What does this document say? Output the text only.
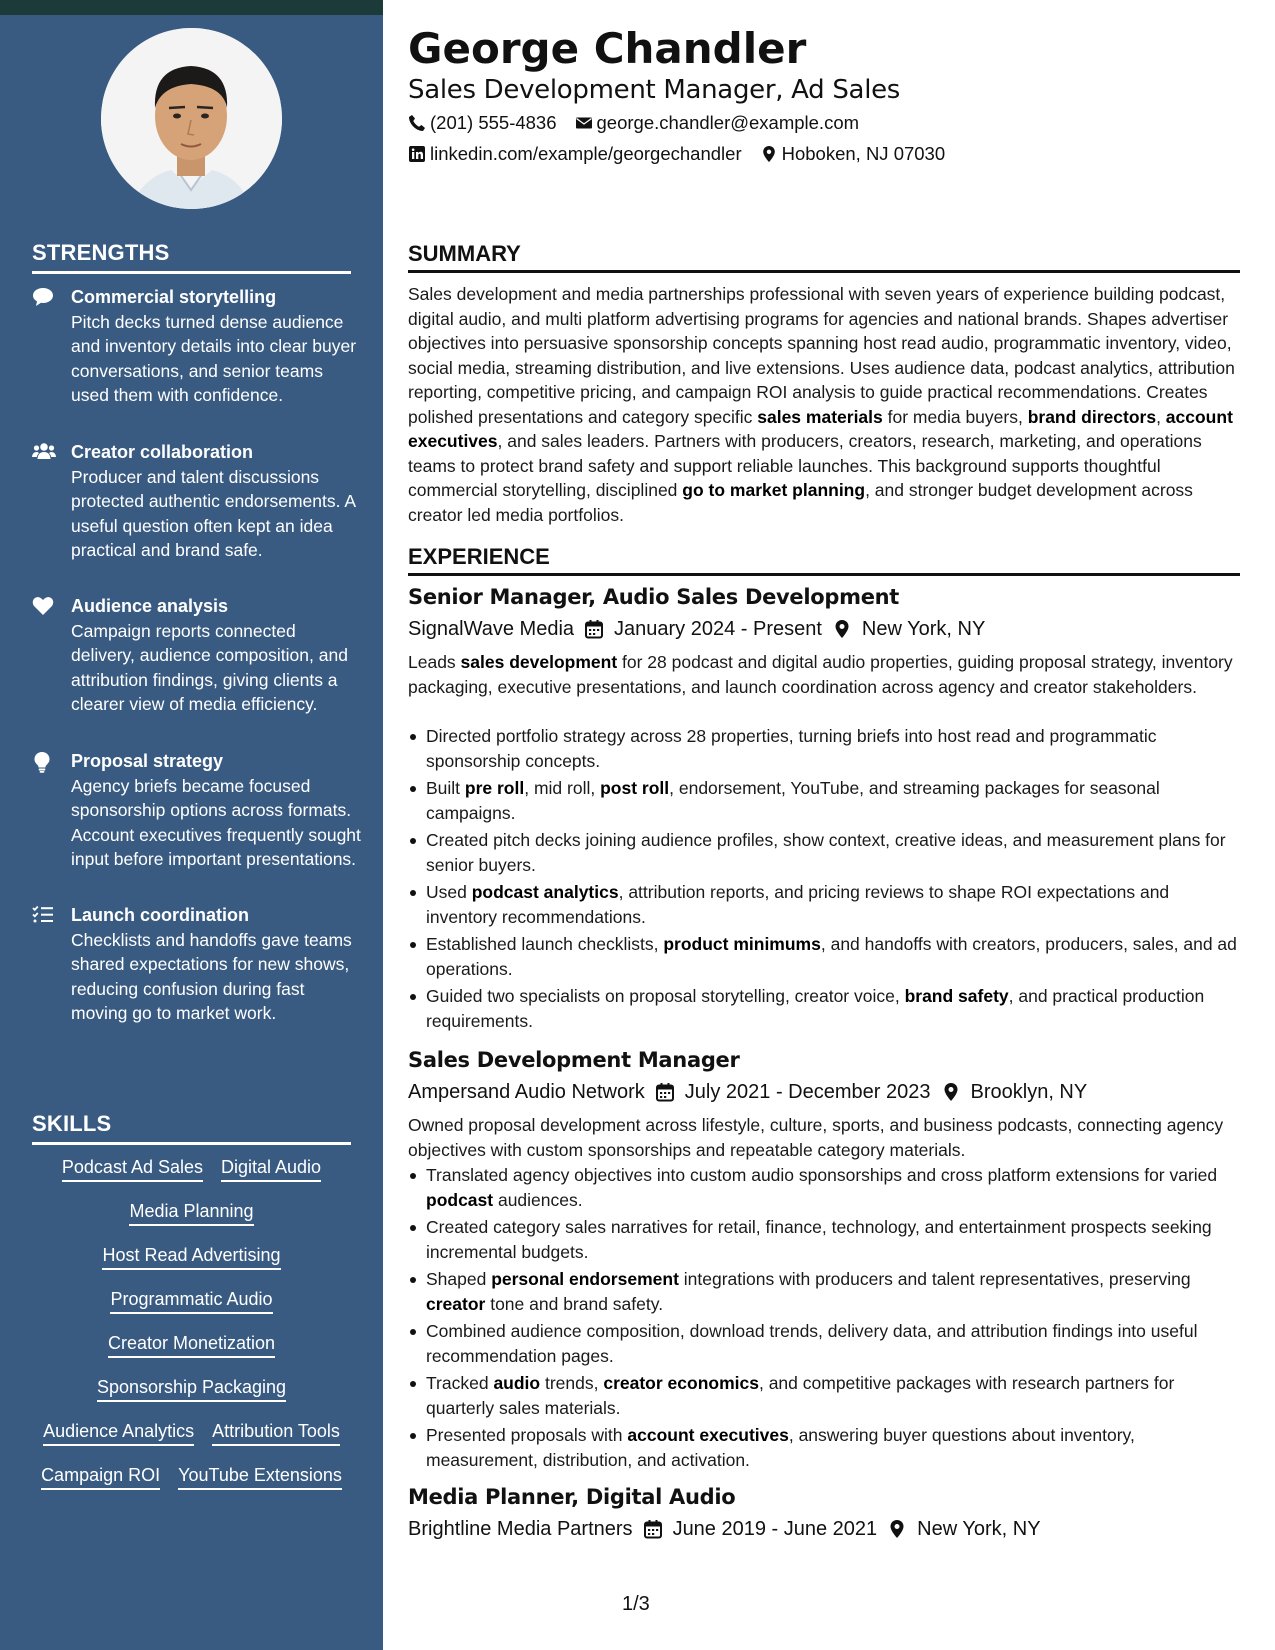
STRENGTHS
Commercial storytelling
Pitch decks turned dense audience and inventory details into clear buyer conversations, and senior teams used them with confidence.
Creator collaboration
Producer and talent discussions protected authentic endorsements. A useful question often kept an idea practical and brand safe.
Audience analysis
Campaign reports connected delivery, audience composition, and attribution findings, giving clients a clearer view of media efficiency.
Proposal strategy
Agency briefs became focused sponsorship options across formats. Account executives frequently sought input before important presentations.
Launch coordination
Checklists and handoffs gave teams shared expectations for new shows, reducing confusion during fast moving go to market work.
SKILLS
Podcast Ad Sales Digital Audio
Media Planning
Host Read Advertising
Programmatic Audio
Creator Monetization
Sponsorship Packaging
Audience Analytics Attribution Tools
Campaign ROI YouTube Extensions
George Chandler
Sales Development Manager, Ad Sales
(201) 555-4836 george.chandler@example.com
linkedin.com/example/georgechandler Hoboken, NJ 07030
SUMMARY

Sales development and media partnerships professional with seven years of experience building podcast, digital audio, and multi platform advertising programs for agencies and national brands. Shapes advertiser objectives into persuasive sponsorship concepts spanning host read audio, programmatic inventory, video, social media, streaming distribution, and live extensions. Uses audience data, podcast analytics, attribution reporting, competitive pricing, and campaign ROI analysis to guide practical recommendations. Creates polished presentations and category specific sales materials for media buyers, brand directors, account executives, and sales leaders. Partners with producers, creators, research, marketing, and operations teams to protect brand safety and support reliable launches. This background supports thoughtful commercial storytelling, disciplined go to market planning, and stronger budget development across creator led media portfolios.

EXPERIENCE
Senior Manager, Audio Sales Development
SignalWave Media January 2024 - Present New York, NY

Leads sales development for 28 podcast and digital audio properties, guiding proposal strategy, inventory packaging, executive presentations, and launch coordination across agency and creator stakeholders.

Directed portfolio strategy across 28 properties, turning briefs into host read and programmatic sponsorship concepts.
Built pre roll, mid roll, post roll, endorsement, YouTube, and streaming packages for seasonal campaigns.
Created pitch decks joining audience profiles, show context, creative ideas, and measurement plans for senior buyers.
Used podcast analytics, attribution reports, and pricing reviews to shape ROI expectations and inventory recommendations.
Established launch checklists, product minimums, and handoffs with creators, producers, sales, and ad operations.
Guided two specialists on proposal storytelling, creator voice, brand safety, and practical production requirements.
Sales Development Manager
Ampersand Audio Network July 2021 - December 2023 Brooklyn, NY

Owned proposal development across lifestyle, culture, sports, and business podcasts, connecting agency objectives with custom sponsorships and repeatable category materials.

Translated agency objectives into custom audio sponsorships and cross platform extensions for varied podcast audiences.
Created category sales narratives for retail, finance, technology, and entertainment prospects seeking incremental budgets.
Shaped personal endorsement integrations with producers and talent representatives, preserving creator tone and brand safety.
Combined audience composition, download trends, delivery data, and attribution findings into useful recommendation pages.
Tracked audio trends, creator economics, and competitive packages with research partners for quarterly sales materials.
Presented proposals with account executives, answering buyer questions about inventory, measurement, distribution, and activation.
Media Planner, Digital Audio
Brightline Media Partners June 2019 - June 2021 New York, NY
1/3
